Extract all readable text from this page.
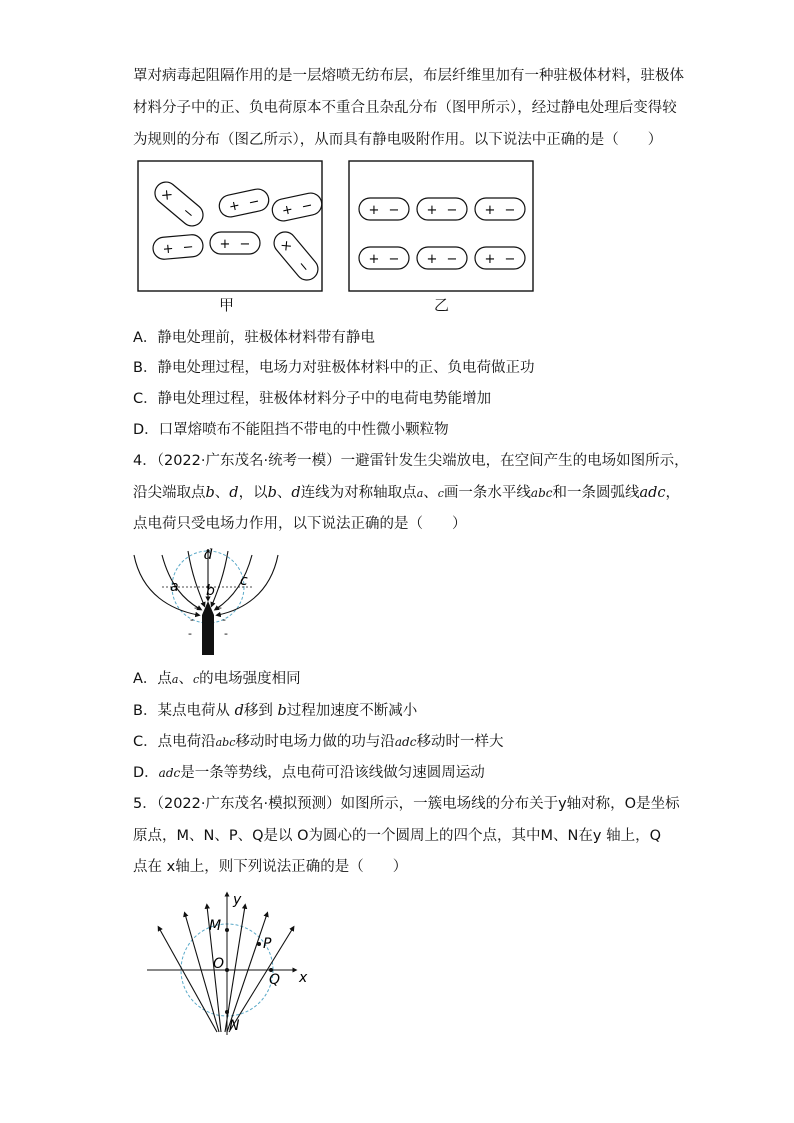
罩对病毒起阻隔作用的是一层熔喷无纺布层，布层纤维里加有一种驻极体材料，驻极体
材料分子中的正、负电荷原本不重合且杂乱分布（图甲所示），经过静电处理后变得较
为规则的分布（图乙所示），从而具有静电吸附作用。以下说法中正确的是（　　）
×
− + − + −
+ − + − ×
−
甲
+ − + − + −
+ − + − + −
乙
A．静电处理前，驻极体材料带有静电
B．静电处理过程，电场力对驻极体材料中的正、负电荷做正功
C．静电处理过程，驻极体材料分子中的电荷电势能增加
D．口罩熔喷布不能阻挡不带电的中性微小颗粒物
4．（2022·广东茂名·统考一模）一避雷针发生尖端放电，在空间产生的电场如图所示，
沿尖端取点b、d，以b、d连线为对称轴取点a、c画一条水平线abc和一条圆弧线adc，
点电荷只受电场力作用，以下说法正确的是（　　）
d
a b
c
- -
-	-
-	-
A．点a、c的电场强度相同
B．某点电荷从 d移到 b过程加速度不断减小
C．点电荷沿abc移动时电场力做的功与沿adc移动时一样大
D．adc是一条等势线，点电荷可沿该线做匀速圆周运动
5．（2022·广东茂名·模拟预测）如图所示，一簇电场线的分布关于y轴对称，O是坐标
原点，M、N、P、Q是以 O为圆心的一个圆周上的四个点，其中M、N在y 轴上，Q
点在 x轴上，则下列说法正确的是（　　）
y
x
M
O
P
Q
N
